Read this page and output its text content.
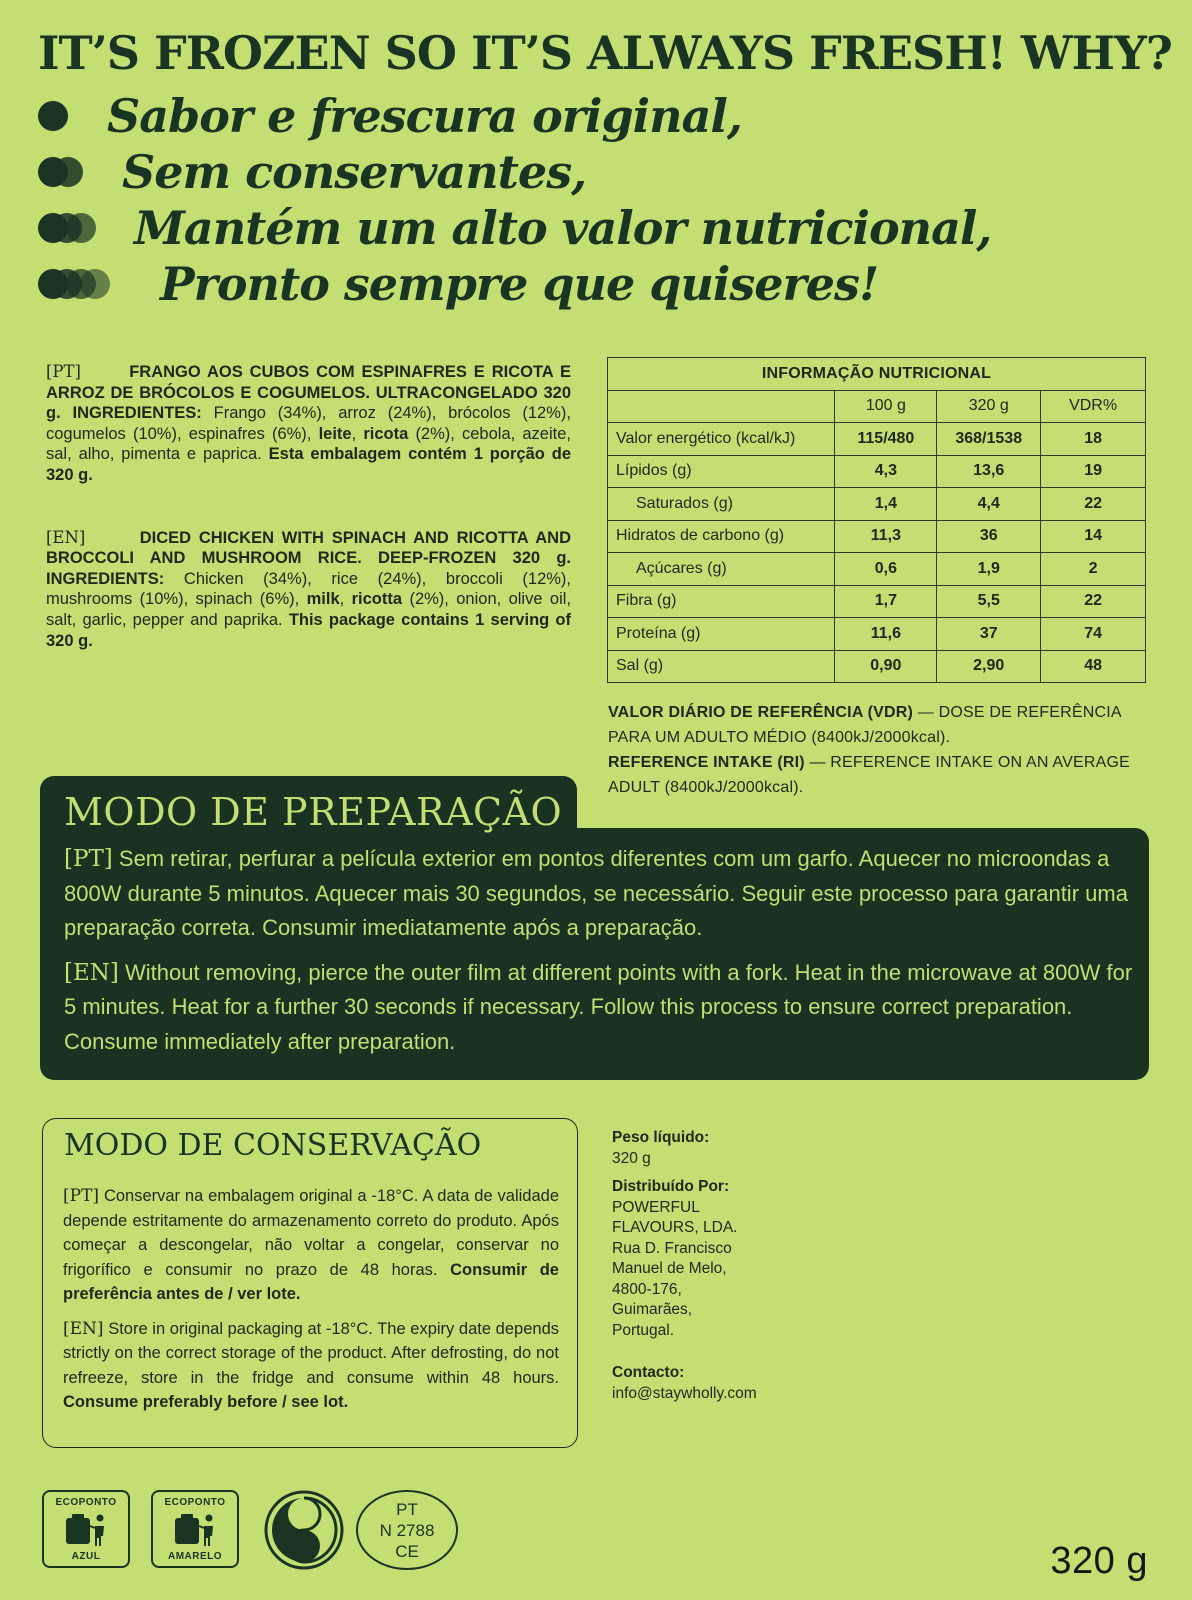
IT’S FROZEN SO IT’S ALWAYS FRESH! WHY?
Sabor e frescura original,
Sem conservantes,
Mantém um alto valor nutricional,
Pronto sempre que quiseres!

[PT]	FRANGO AOS CUBOS COM ESPINAFRES E RICOTA E ARROZ DE BRÓCOLOS E COGUMELOS. ULTRACONGELADO 320 g. INGREDIENTES: Frango (34%), arroz (24%), brócolos (12%), cogumelos (10%), espinafres (6%), leite, ricota (2%), cebola, azeite, sal, alho, pimenta e paprica. Esta embalagem contém 1 porção de 320 g.

[EN]	DICED CHICKEN WITH SPINACH AND RICOTTA AND BROCCOLI AND MUSHROOM RICE. DEEP-FROZEN 320 g. INGREDIENTS: Chicken (34%), rice (24%), broccoli (12%), mushrooms (10%), spinach (6%), milk, ricotta (2%), onion, olive oil, salt, garlic, pepper and paprika. This package contains 1 serving of 320 g.

INFORMAÇÃO NUTRICIONAL			
	100 g	320 g	VDR%
Valor energético (kcal/kJ)	115/480	368/1538	18
Lípidos (g)	4,3	13,6	19
Saturados (g)	1,4	4,4	22
Hidratos de carbono (g)	11,3	36	14
Açúcares (g)	0,6	1,9	2
Fibra (g)	1,7	5,5	22
Proteína (g)	11,6	37	74
Sal (g)	0,90	2,90	48
VALOR DIÁRIO DE REFERÊNCIA (VDR) — DOSE DE REFERÊNCIA PARA UM ADULTO MÉDIO (8400kJ/2000kcal).
REFERENCE INTAKE (RI) — REFERENCE INTAKE ON AN AVERAGE ADULT (8400kJ/2000kcal).
MODO DE PREPARAÇÃO

[PT] Sem retirar, perfurar a película exterior em pontos diferentes com um garfo. Aquecer no microondas a 800W durante 5 minutos. Aquecer mais 30 segundos, se necessário. Seguir este processo para garantir uma preparação correta. Consumir imediatamente após a preparação.

[EN] Without removing, pierce the outer film at different points with a fork. Heat in the microwave at 800W for 5 minutes. Heat for a further 30 seconds if necessary. Follow this process to ensure correct preparation. Consume immediately after preparation.

MODO DE CONSERVAÇÃO

[PT] Conservar na embalagem original a -18°C. A data de validade depende estritamente do armazenamento correto do produto. Após começar a descongelar, não voltar a congelar, conservar no frigorífico e consumir no prazo de 48 horas. Consumir de preferência antes de / ver lote.

[EN] Store in original packaging at -18°C. The expiry date depends strictly on the correct storage of the product. After defrosting, do not refreeze, store in the fridge and consume within 48 hours. Consume preferably before / see lot.

Peso líquido:
320 g
Distribuído Por:
POWERFUL
FLAVOURS, LDA.
Rua D. Francisco
Manuel de Melo,
4800-176,
Guimarães,
Portugal.
Contacto:
info@staywholly.com
ECOPONTO
AZUL
ECOPONTO
AMARELO
PT
N 2788
CE	320 g
